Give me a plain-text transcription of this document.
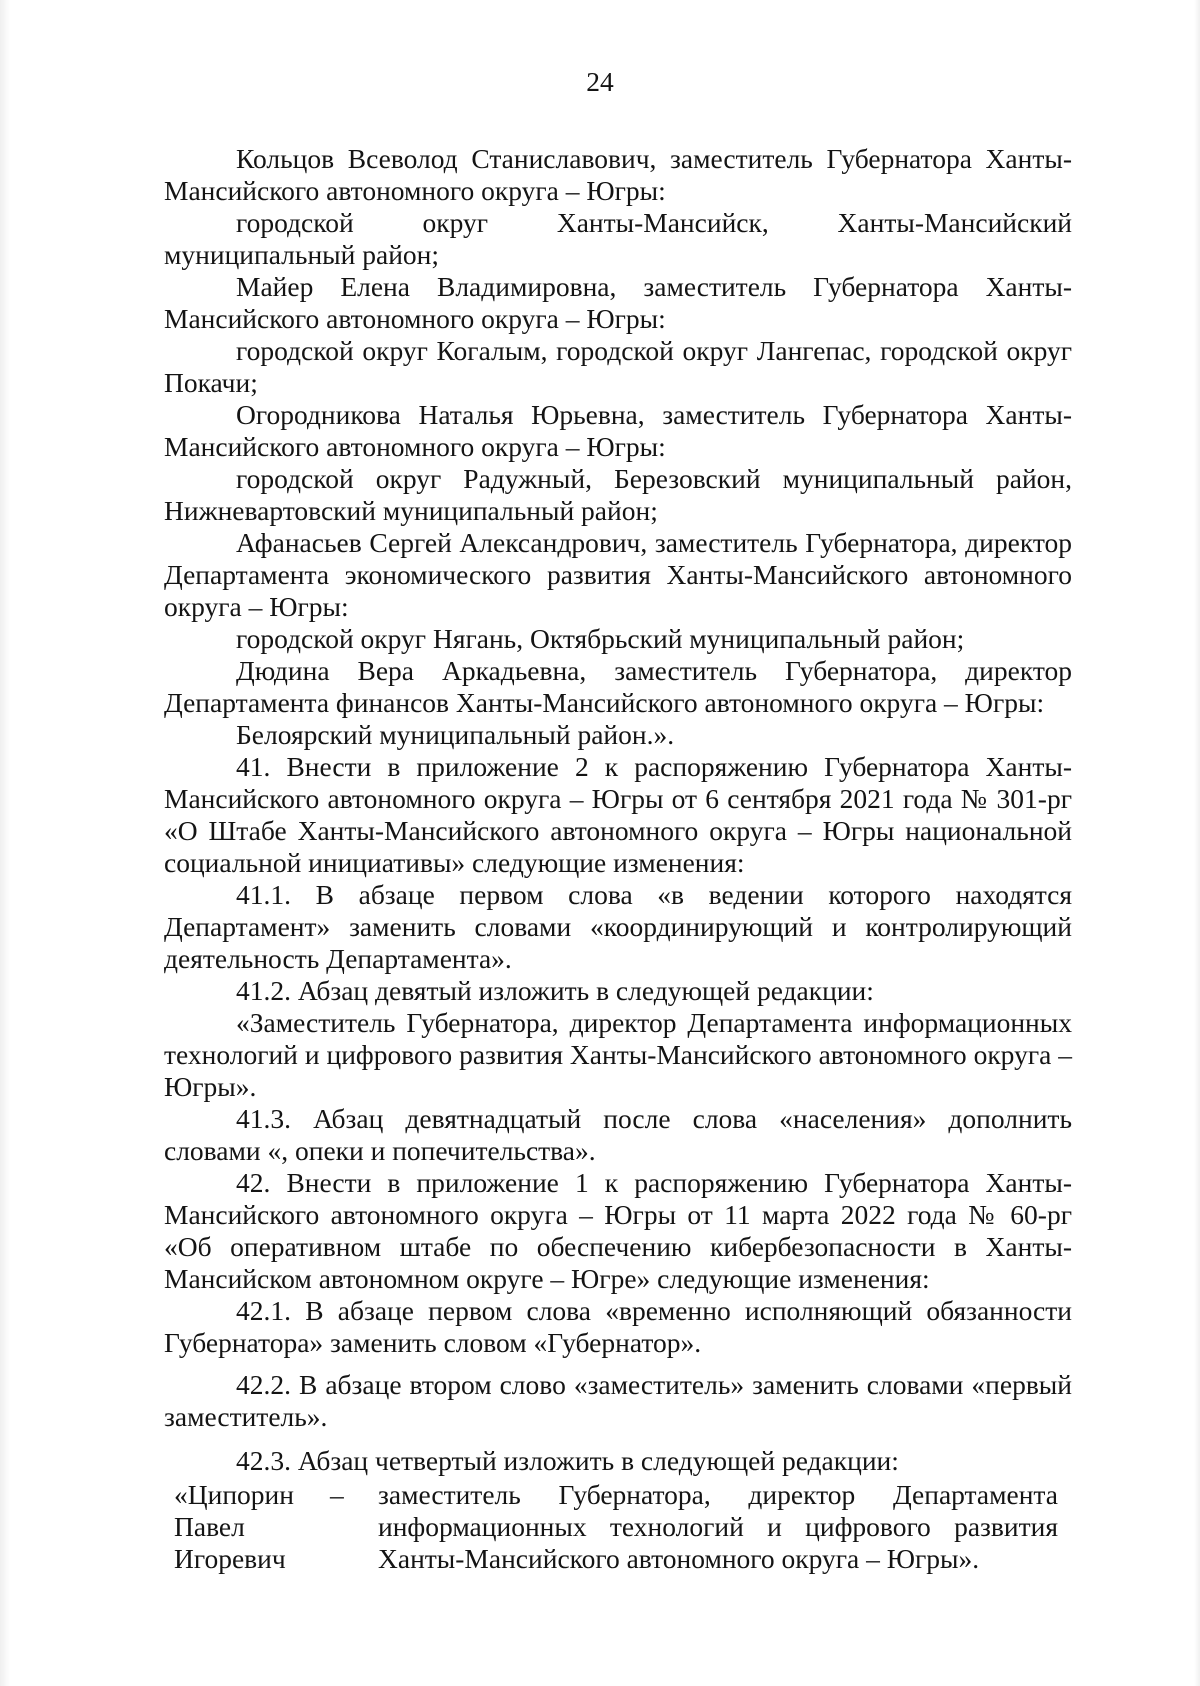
24

Кольцов Всеволод Станиславович, заместитель Губернатора Ханты-Мансийского автономного округа – Югры:

городской округ Ханты-Мансийск, Ханты-Мансийский муниципальный район;

Майер Елена Владимировна, заместитель Губернатора Ханты-Мансийского автономного округа – Югры:

городской округ Когалым, городской округ Лангепас, городской округ Покачи;

Огородникова Наталья Юрьевна, заместитель Губернатора Ханты-Мансийского автономного округа – Югры:

городской округ Радужный, Березовский муниципальный район, Нижневартовский муниципальный район;

Афанасьев Сергей Александрович, заместитель Губернатора, директор Департамента экономического развития Ханты-Мансийского автономного округа – Югры:

городской округ Нягань, Октябрьский муниципальный район;

Дюдина Вера Аркадьевна, заместитель Губернатора, директор Департамента финансов Ханты-Мансийского автономного округа – Югры:

Белоярский муниципальный район.».

41. Внести в приложение 2 к распоряжению Губернатора Ханты-Мансийского автономного округа – Югры от 6 сентября 2021 года № 301-рг «О Штабе Ханты-Мансийского автономного округа – Югры национальной социальной инициативы» следующие изменения:

41.1. В абзаце первом слова «в ведении которого находятся Департамент» заменить словами «координирующий и контролирующий деятельность Департамента».

41.2. Абзац девятый изложить в следующей редакции:

«Заместитель Губернатора, директор Департамента информационных технологий и цифрового развития Ханты-Мансийского автономного округа – Югры».

41.3. Абзац девятнадцатый после слова «населения» дополнить словами «, опеки и попечительства».

42. Внести в приложение 1 к распоряжению Губернатора Ханты-Мансийского автономного округа – Югры от 11 марта 2022 года № 60-рг «Об оперативном штабе по обеспечению кибербезопасности в Ханты-Мансийском автономном округе – Югре» следующие изменения:

42.1. В абзаце первом слова «временно исполняющий обязанности Губернатора» заменить словом «Губернатор».

42.2. В абзаце втором слово «заместитель» заменить словами «первый заместитель».

42.3. Абзац четвертый изложить в следующей редакции:

«Ципорин
Павел
Игоревич
–	заместитель Губернатора, директор Департамента информационных технологий и цифрового развития Ханты-Мансийского автономного округа – Югры».
